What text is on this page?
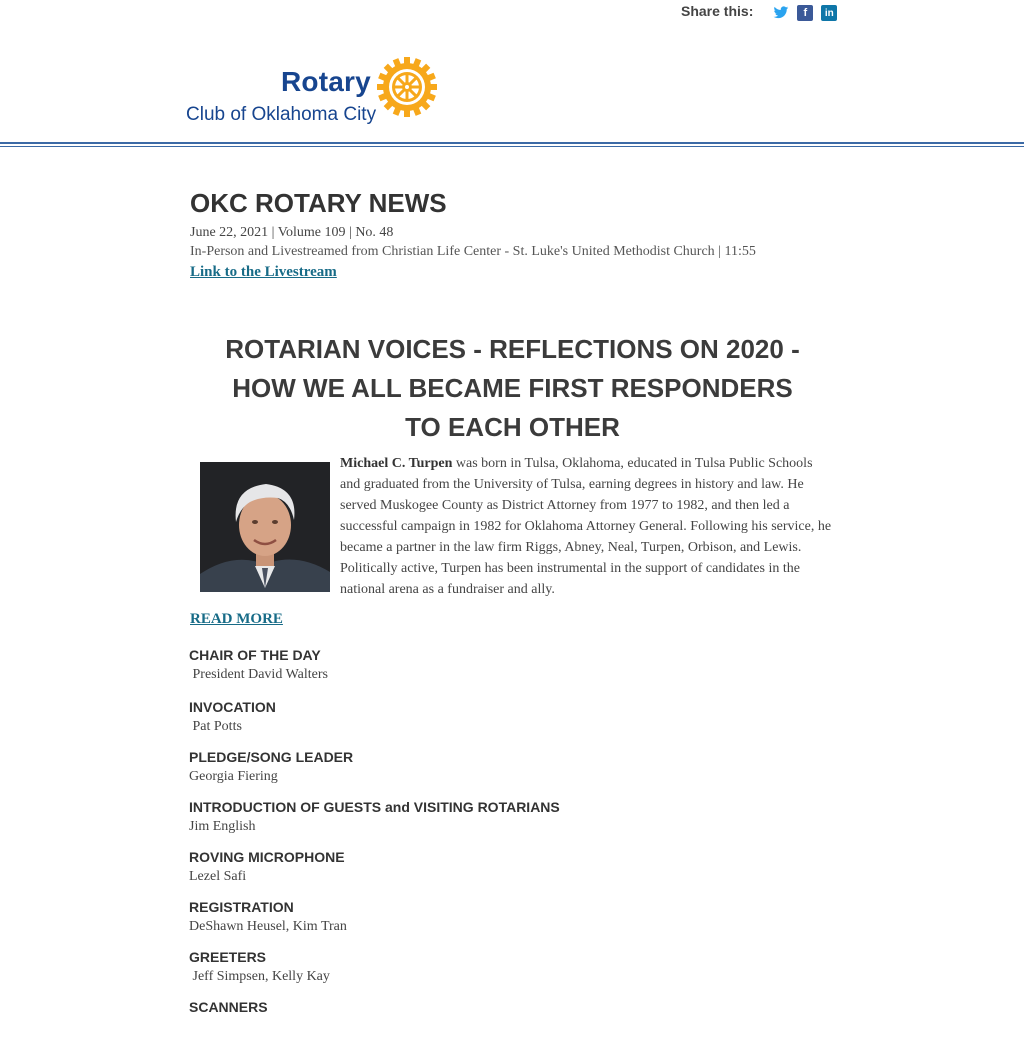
Share this:	f	in
Rotary
Club of Oklahoma City
OKC ROTARY NEWS
June 22, 2021 | Volume 109 | No. 48
In-Person and Livestreamed from Christian Life Center - St. Luke's United Methodist Church | 11:55
Link to the Livestream
ROTARIAN VOICES - REFLECTIONS ON 2020 -
HOW WE ALL BECAME FIRST RESPONDERS
TO EACH OTHER
Michael C. Turpen was born in Tulsa, Oklahoma, educated in Tulsa Public Schools and graduated from the University of Tulsa, earning degrees in history and law. He served Muskogee County as District Attorney from 1977 to 1982, and then led a successful campaign in 1982 for Oklahoma Attorney General. Following his service, he became a partner in the law firm Riggs, Abney, Neal, Turpen, Orbison, and Lewis. Politically active, Turpen has been instrumental in the support of candidates in the national arena as a fundraiser and ally.
READ MORE
CHAIR OF THE DAY
President David Walters
INVOCATION
Pat Potts
PLEDGE/SONG LEADER
Georgia Fiering
INTRODUCTION OF GUESTS and VISITING ROTARIANS
Jim English
ROVING MICROPHONE
Lezel Safi
REGISTRATION
DeShawn Heusel, Kim Tran
GREETERS
Jeff Simpsen, Kelly Kay
SCANNERS
